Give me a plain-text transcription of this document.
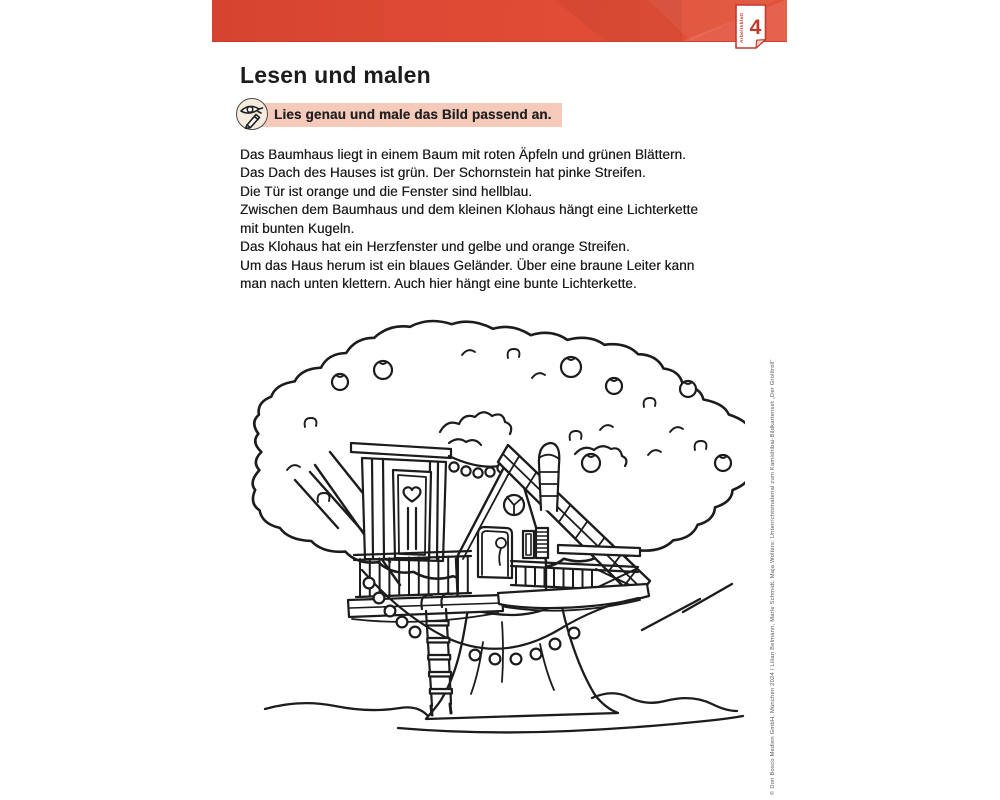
Arbeitsblatt 4
Lesen und malen
Lies genau und male das Bild passend an.
Das Baumhaus liegt in einem Baum mit roten Äpfeln und grünen Blättern.
Das Dach des Hauses ist grün. Der Schornstein hat pinke Streifen.
Die Tür ist orange und die Fenster sind hellblau.
Zwischen dem Baumhaus und dem kleinen Klohaus hängt eine Lichterkette
mit bunten Kugeln.
Das Klohaus hat ein Herzfenster und gelbe und orange Streifen.
Um das Haus herum ist ein blaues Geländer. Über eine braune Leiter kann
man nach unten klettern. Auch hier hängt eine bunte Lichterkette.
© Don Bosco Medien GmbH, München 2024 / Lilian Belmann, Marle Schmidt, Maja Wolters: Unterrichtsmaterial zum Kamishibai-Bildkartenset „Der Grolltroll“
